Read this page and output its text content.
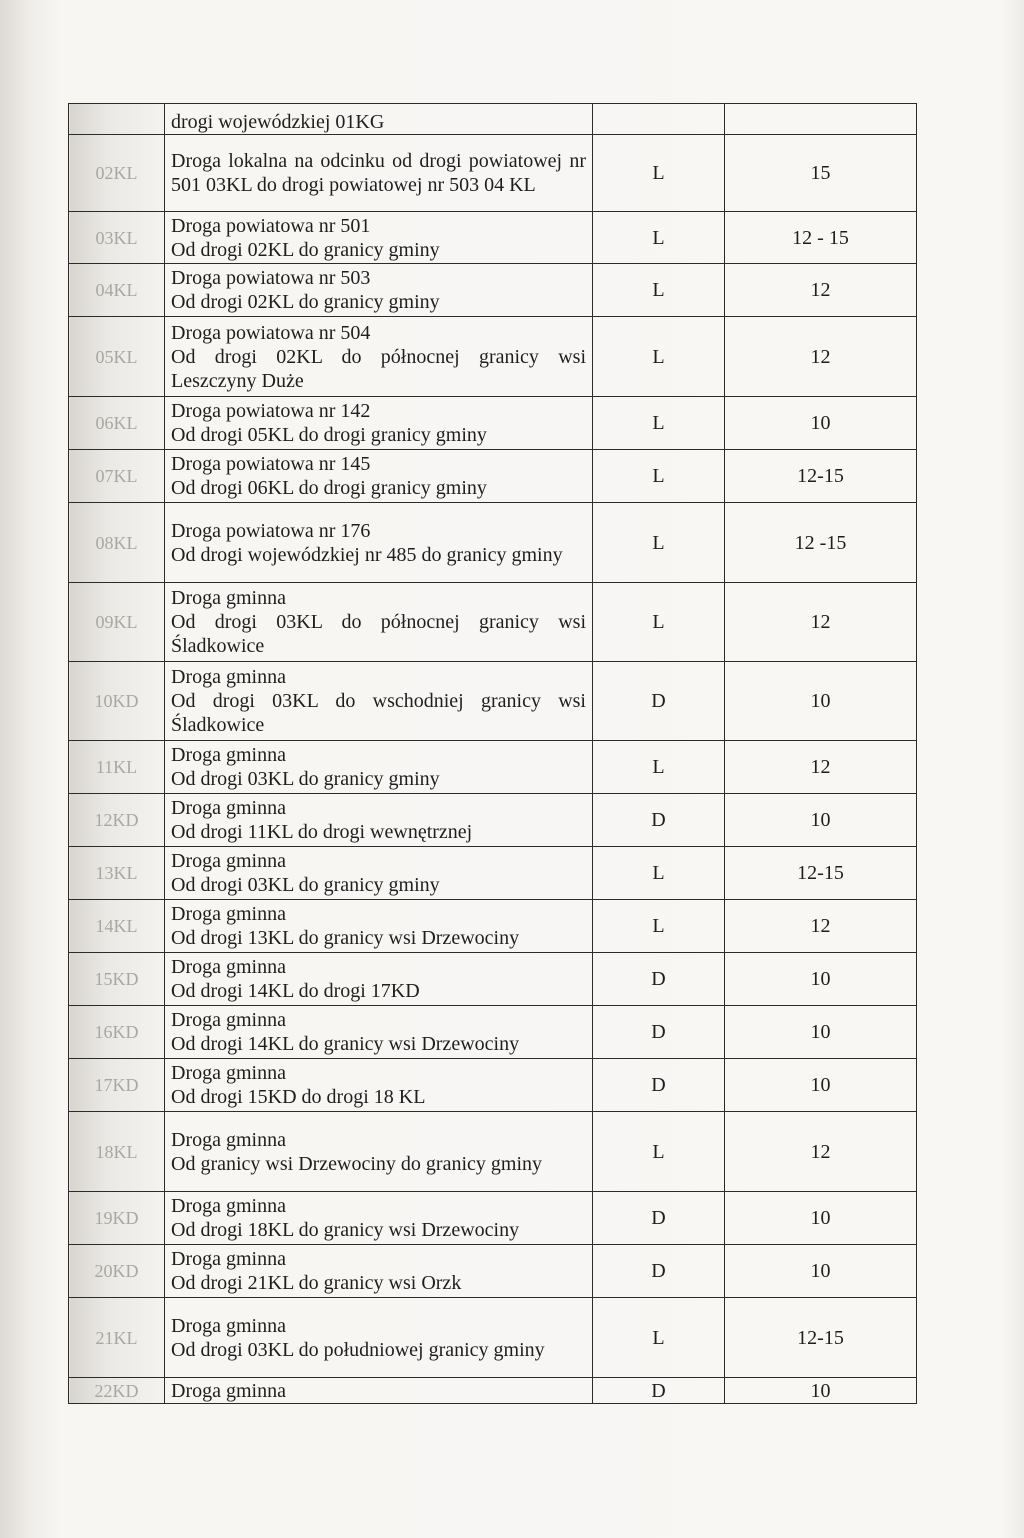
	drogi wojewódzkiej 01KG		

02KL	Droga lokalna na odcinku od drogi powiatowej nr 501 03KL do drogi powiatowej nr 503 04 KL	L	15
03KL	Droga powiatowa nr 501
Od drogi 02KL do granicy gminy	L	12 - 15
04KL	Droga powiatowa nr 503
Od drogi 02KL do granicy gminy	L	12
05KL	Droga powiatowa nr 504
Od drogi 02KL do północnej granicy wsi Leszczyny Duże	L	12
06KL	Droga powiatowa nr 142
Od drogi 05KL do drogi granicy gminy	L	10
07KL	Droga powiatowa nr 145
Od drogi 06KL do drogi granicy gminy	L	12-15
08KL	Droga powiatowa nr 176
Od drogi wojewódzkiej nr 485 do granicy gminy	L	12 -15
09KL	Droga gminna
Od drogi 03KL do północnej granicy wsi Śladkowice	L	12
10KD	Droga gminna
Od drogi 03KL do wschodniej granicy wsi Śladkowice	D	10
11KL	Droga gminna
Od drogi 03KL do granicy gminy	L	12
12KD	Droga gminna
Od drogi 11KL do drogi wewnętrznej	D	10
13KL	Droga gminna
Od drogi 03KL do granicy gminy	L	12-15
14KL	Droga gminna
Od drogi 13KL do granicy wsi Drzewociny	L	12
15KD	Droga gminna
Od drogi 14KL do drogi 17KD	D	10
16KD	Droga gminna
Od drogi 14KL do granicy wsi Drzewociny	D	10
17KD	Droga gminna
Od drogi 15KD do drogi 18 KL	D	10
18KL	Droga gminna
Od granicy wsi Drzewociny do granicy gminy	L	12
19KD	Droga gminna
Od drogi 18KL do granicy wsi Drzewociny	D	10
20KD	Droga gminna
Od drogi 21KL do granicy wsi Orzk	D	10
21KL	Droga gminna
Od drogi 03KL do południowej granicy gminy	L	12-15
22KD	Droga gminna	D	10
